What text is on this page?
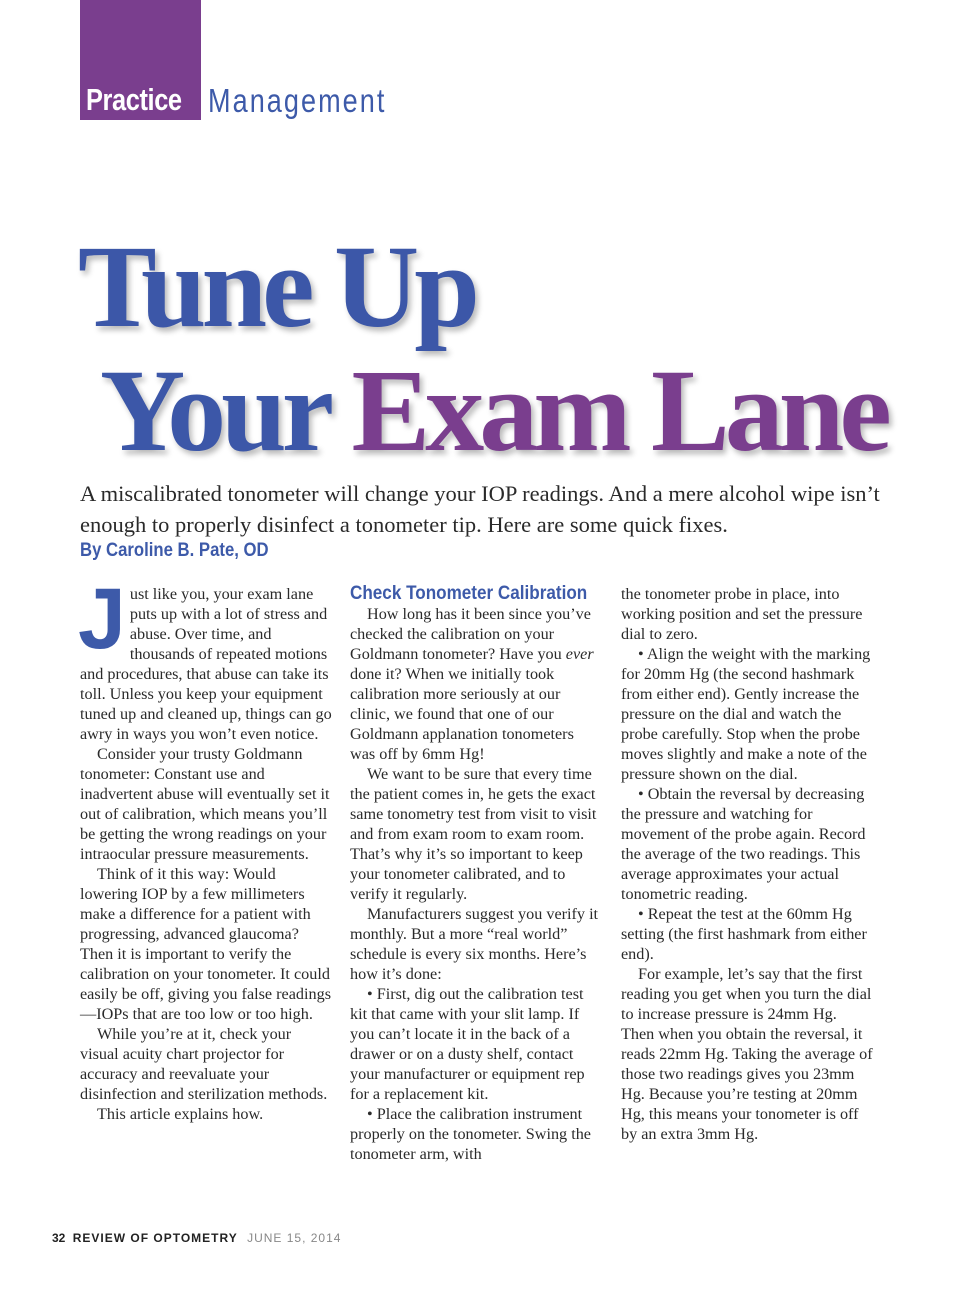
Practice Management
Tune Up
Your Exam Lane
A miscalibrated tonometer will change your IOP readings. And a mere alcohol wipe isn’t enough to properly disinfect a tonometer tip. Here are some quick fixes.
By Caroline B. Pate, OD

Just like you, your exam lane puts up with a lot of stress and abuse. Over time, and thousands of repeated motions and procedures, that abuse can take its toll. Unless you keep your equipment tuned up and cleaned up, things can go awry in ways you won’t even notice.

Consider your trusty Goldmann tonometer: Constant use and inadvertent abuse will eventually set it out of calibration, which means you’ll be getting the wrong readings on your intraocular pressure measurements.

Think of it this way: Would lowering IOP by a few millimeters make a difference for a patient with progressing, advanced glaucoma? Then it is important to verify the calibration on your tonometer. It could easily be off, giving you false readings—IOPs that are too low or too high.

While you’re at it, check your visual acuity chart projector for accuracy and reevaluate your disinfection and sterilization methods.

This article explains how.

Check Tonometer Calibration

How long has it been since you’ve checked the calibration on your Goldmann tonometer? Have you ever done it? When we initially took calibration more seriously at our clinic, we found that one of our Goldmann applanation tonometers was off by 6mm Hg!

We want to be sure that every time the patient comes in, he gets the exact same tonometry test from visit to visit and from exam room to exam room. That’s why it’s so important to keep your tonometer calibrated, and to verify it regularly.

Manufacturers suggest you verify it monthly. But a more “real world” schedule is every six months. Here’s how it’s done:

• First, dig out the calibration test kit that came with your slit lamp. If you can’t locate it in the back of a drawer or on a dusty shelf, contact your manufacturer or equipment rep for a replacement kit.

• Place the calibration instrument properly on the tonometer. Swing the tonometer arm, with

the tonometer probe in place, into working position and set the pressure dial to zero.

• Align the weight with the marking for 20mm Hg (the second hashmark from either end). Gently increase the pressure on the dial and watch the probe carefully. Stop when the probe moves slightly and make a note of the pressure shown on the dial.

• Obtain the reversal by decreasing the pressure and watching for movement of the probe again. Record the average of the two readings. This average approximates your actual tonometric reading.

• Repeat the test at the 60mm Hg setting (the first hashmark from either end).

For example, let’s say that the first reading you get when you turn the dial to increase pressure is 24mm Hg. Then when you obtain the reversal, it reads 22mm Hg. Taking the average of those two readings gives you 23mm Hg. Because you’re testing at 20mm Hg, this means your tonometer is off by an extra 3mm Hg.

32 REVIEW OF OPTOMETRY JUNE 15, 2014
